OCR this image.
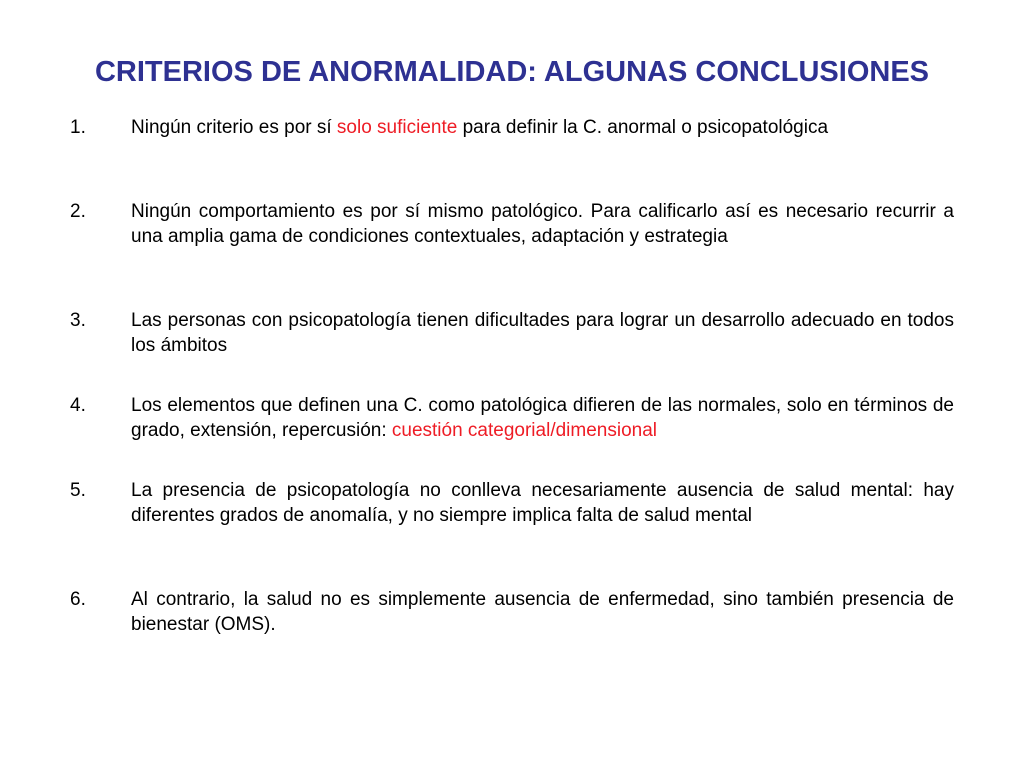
CRITERIOS DE ANORMALIDAD: ALGUNAS CONCLUSIONES
1.	Ningún criterio es por sí solo suficiente para definir la C. anormal o psicopatológica
2.	Ningún comportamiento es por sí mismo patológico. Para calificarlo así es necesario recurrir a una amplia gama de condiciones contextuales, adaptación y estrategia
3.	Las personas con psicopatología tienen dificultades para lograr un desarrollo adecuado en todos los ámbitos
4.	Los elementos que definen una C. como patológica difieren de las normales, solo en términos de grado, extensión, repercusión: cuestión categorial/dimensional
5.	La presencia de psicopatología no conlleva necesariamente ausencia de salud mental: hay diferentes grados de anomalía, y no siempre implica falta de salud mental
6.	Al contrario, la salud no es simplemente ausencia de enfermedad, sino también presencia de bienestar (OMS).
